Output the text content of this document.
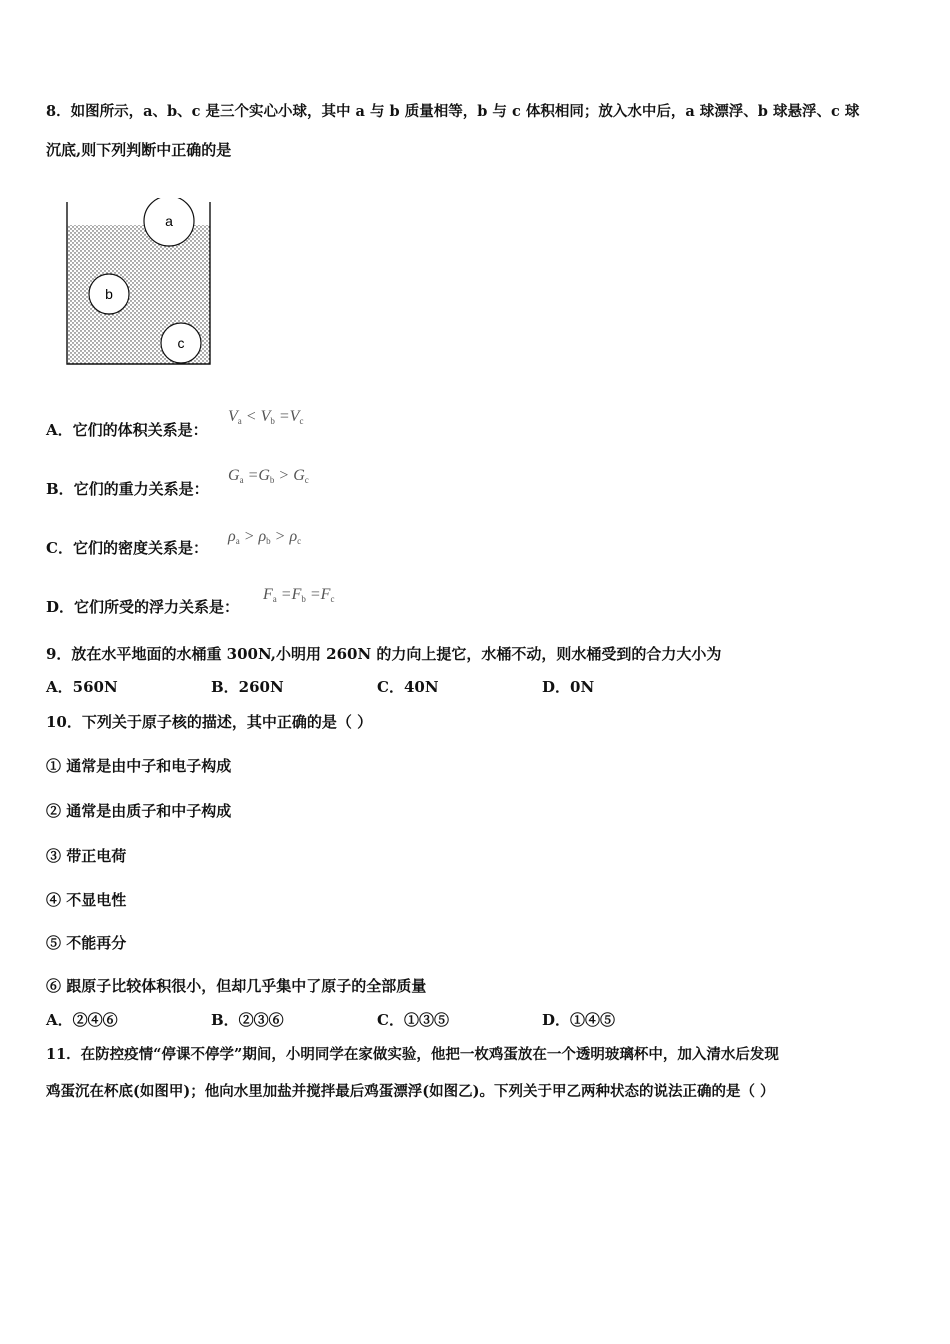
8．如图所示，a、b、c 是三个实心小球，其中 a 与 b 质量相等，b 与 c 体积相同；放入水中后，a 球漂浮、b 球悬浮、c 球
沉底,则下列判断中正确的是
a
b
c
A．它们的体积关系是：
$V_a < V_b =V_c$
B．它们的重力关系是：
$G_a =G_b > G_c$
C．它们的密度关系是：
$\rho_a > \rho_b > \rho_c$
D．它们所受的浮力关系是：
$F_a =F_b =F_c$
9．放在水平地面的水桶重 300N,小明用 260N 的力向上提它，水桶不动，则水桶受到的合力大小为
A．560N	B．260N	C．40N	D．0N
10．下列关于原子核的描述，其中正确的是（ ）
① 通常是由中子和电子构成
② 通常是由质子和中子构成
③ 带正电荷
④ 不显电性
⑤ 不能再分
⑥ 跟原子比较体积很小，但却几乎集中了原子的全部质量
A．②④⑥	B．②③⑥	C．①③⑤	D．①④⑤
11．在防控疫情“停课不停学”期间，小明同学在家做实验，他把一枚鸡蛋放在一个透明玻璃杯中，加入清水后发现
鸡蛋沉在杯底(如图甲)；他向水里加盐并搅拌最后鸡蛋漂浮(如图乙)。下列关于甲乙两种状态的说法正确的是（ ）
